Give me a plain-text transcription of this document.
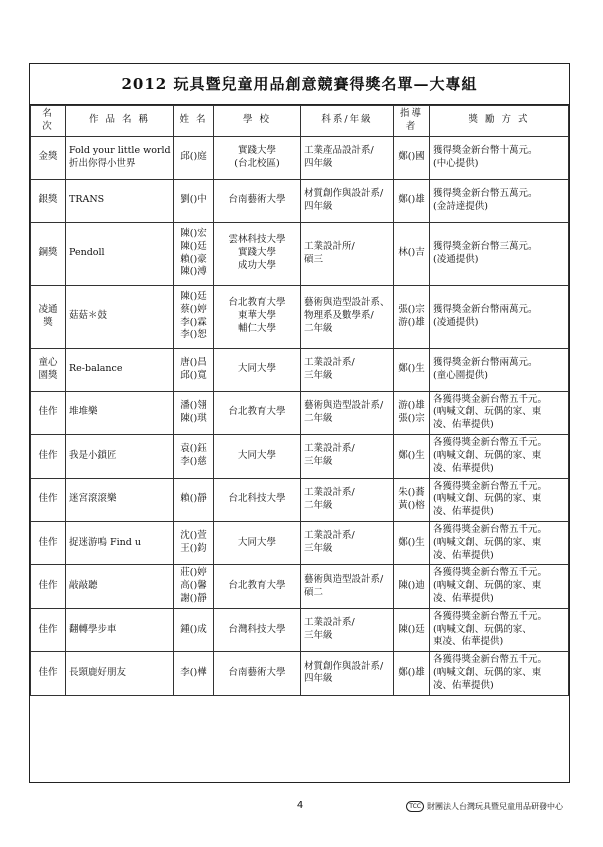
2012 玩具暨兒童用品創意競賽得獎名單—大專組
名 次	作 品 名 稱	姓 名	學 校	科系/年級	指導者	獎 勵 方 式
金獎	Fold your little world
折出你得小世界	邱()庭	實踐大學
(台北校區)	工業產品設計系/
四年級	鄭()國	獲得獎金新台幣十萬元。
(中心提供)

銀獎	TRANS	劉()中	台南藝術大學	材質創作與設計系/
四年級	鄭()雄	獲得獎金新台幣五萬元。
(金詩達提供)

銅獎	Pendoll	陳()宏
陳()廷
賴()豪
陳()溥	雲林科技大學
實踐大學
成功大學	工業設計所/
碩三	林()吉	獲得獎金新台幣三萬元。
(凌通提供)

凌通獎	菇菇＊鼓	陳()廷
蔡()婷
李()霖
李()恕	台北教育大學
東華大學
輔仁大學	藝術與造型設計系、
物理系及數學系/
二年級	張()宗
游()雄	獲得獎金新台幣兩萬元。
(凌通提供)

童心園獎	Re-balance	唐()昌
邱()寬	大同大學	工業設計系/
三年級	鄭()生	獲得獎金新台幣兩萬元。
(童心園提供)

佳作	堆堆樂	潘()翎
陳()琪	台北教育大學	藝術與造型設計系/
二年級	游()雄
張()宗	各獲得獎金新台幣五千元。
(吶喊文創、玩偶的家、東
凌、佑華提供)

佳作	我是小鎖匠	袁()鈺
李()慈	大同大學	工業設計系/
三年級	鄭()生	各獲得獎金新台幣五千元。
(吶喊文創、玩偶的家、東
凌、佑華提供)

佳作	迷宮滾滾樂	賴()靜	台北科技大學	工業設計系/
二年級	朱()蕎
黃()榕	各獲得獎金新台幣五千元。
(吶喊文創、玩偶的家、東
凌、佑華提供)

佳作	捉迷游嗚 Find u	沈()萱
王()鈞	大同大學	工業設計系/
三年級	鄭()生	各獲得獎金新台幣五千元。
(吶喊文創、玩偶的家、東
凌、佑華提供)

佳作	敲敲聽	莊()婷
高()馨
謝()靜	台北教育大學	藝術與造型設計系/
碩二	陳()迪	各獲得獎金新台幣五千元。
(吶喊文創、玩偶的家、東
凌、佑華提供)

佳作	翻轉學步車	鍾()成	台灣科技大學	工業設計系/
三年級	陳()廷	各獲得獎金新台幣五千元。
(吶喊文創、玩偶的家、
東凌、佑華提供)

佳作	長頸鹿好朋友	李()樺	台南藝術大學	材質創作與設計系/
四年級	鄭()雄	各獲得獎金新台幣五千元。
(吶喊文創、玩偶的家、東
凌、佑華提供)
4	TCC 財團法人台灣玩具暨兒童用品研發中心
